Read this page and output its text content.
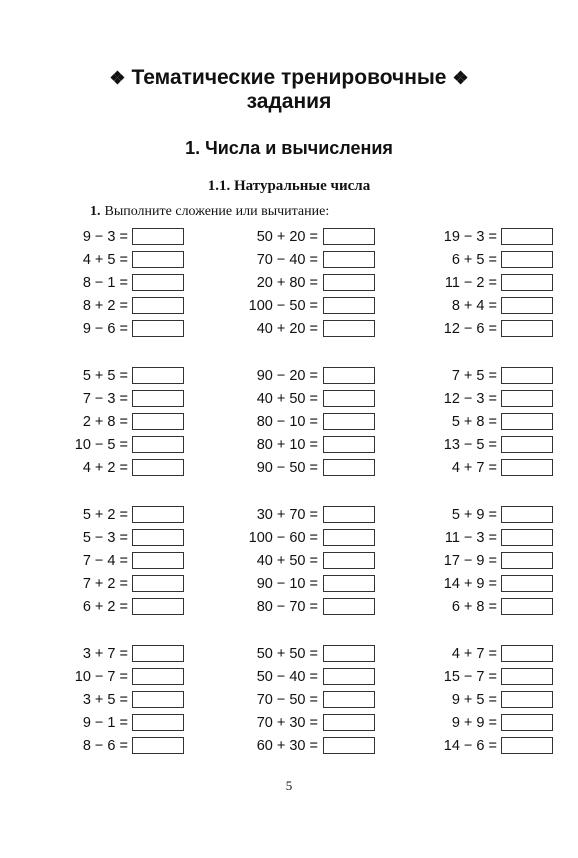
❖ Тематические тренировочные ❖
задания
1. Числа и вычисления
1.1. Натуральные числа
1. Выполните сложение или вычитание:
9 − 3 =	50 + 20 =	19 − 3 =
4 + 5 =	70 − 40 =	6 + 5 =
8 − 1 =	20 + 80 =	11 − 2 =
8 + 2 =	100 − 50 =	8 + 4 =
9 − 6 =	40 + 20 =	12 − 6 =
5 + 5 =	90 − 20 =	7 + 5 =
7 − 3 =	40 + 50 =	12 − 3 =
2 + 8 =	80 − 10 =	5 + 8 =
10 − 5 =	80 + 10 =	13 − 5 =
4 + 2 =	90 − 50 =	4 + 7 =
5 + 2 =	30 + 70 =	5 + 9 =
5 − 3 =	100 − 60 =	11 − 3 =
7 − 4 =	40 + 50 =	17 − 9 =
7 + 2 =	90 − 10 =	14 + 9 =
6 + 2 =	80 − 70 =	6 + 8 =
3 + 7 =	50 + 50 =	4 + 7 =
10 − 7 =	50 − 40 =	15 − 7 =
3 + 5 =	70 − 50 =	9 + 5 =
9 − 1 =	70 + 30 =	9 + 9 =
8 − 6 =	60 + 30 =	14 − 6 =
5
